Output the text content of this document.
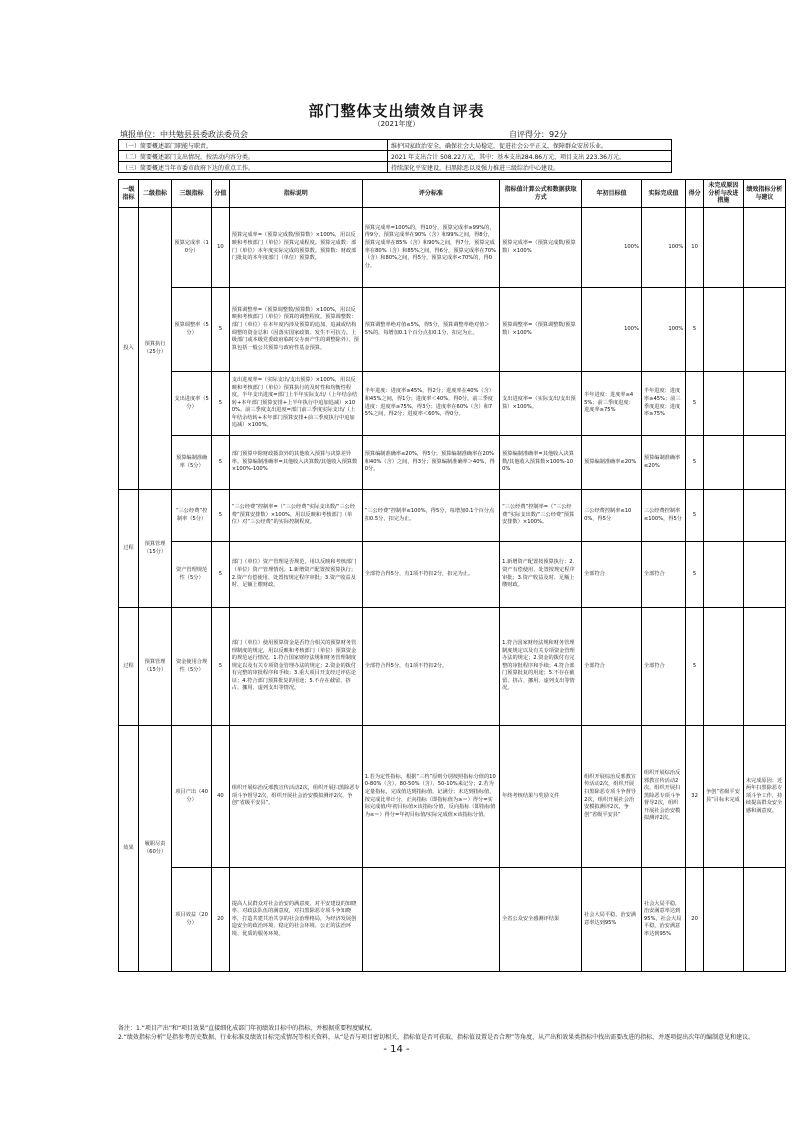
部门整体支出绩效自评表
（2021年度）
填报单位：中共勉县县委政法委员会	自评得分：92分
（一）简要概述部门职能与职责。	维护国家政治安全，确保社会大局稳定，促进社会公平正义，保障群众安居乐业。
（二）简要概述部门支出情况，按活动内容分类。	2021 年支出合计 508.22万元，其中：基本支出284.86万元，项目支出 223.36万元。
（三）简要概述当年市委市政府下达的重点工作。	持续深化平安建设，扫黑除恶以及强力推进三级综治中心建设。
一级指标	二级指标	三级指标	分值	指标说明	评分标准	指标值计算公式和数据获取方式	年初目标值	实际完成值	得分	未完成原因分析与改进措施	绩效指标分析与建议
投入	预算执行（25分）	预算完成率（10分）	10	预算完成率=（预算完成数/预算数）×100%，用以反映和考核部门（单位）预算完成程度。预算完成数：部门（单位）本年度实际完成的预算数。预算数：财政部门批复的本年度部门（单位）预算数。	预算完成率=100%的，得10分，预算完成率≥99%的，得9分，预算完成率在90%（含）和99%之间，得8分，预算完成率在85%（含）和90%之间，得7分，预算完成率在80%（含）和85%之间，得6分，预算完成率在70%（含）和80%之间，得5分，预算完成率<70%的，得0分。	预算完成率=（预算完成数/预算数）×100%	100%	100%	10		
		预算调整率（5分）	5	预算调整率=（预算调整数/预算数）×100%，用以反映和考核部门（单位）预算的调整程度。预算调整数：部门（单位）在本年度内涉及预算的追加、追减或结构调整的资金总和（因落实国家政策、发生不可抗力、上级部门或本级党委政府临时交办而产生的调整除外）。预算包括一般公共预算与政府性基金预算。	预算调整率绝对值≤5%，得5分，预算调整率绝对值＞5%的，每增加0.1个百分点扣0.1分，扣完为止。	预算调整率=（预算调整数/预算数）×100%	100%	100%	5		
		支出进度率（5分）	5	支出进度率=（实际支出/支出预算）×100%，用以反映和考核部门（单位）预算执行的及时性和均衡性程度。半年支出进度=部门上半年实际支出/（上年结余结转+本年部门预算安排+上半年执行中追加追减）×100%。前三季度支出进度=部门前三季度实际支出/（上年结余结转+本年部门预算安排+前三季度执行中追加追减）×100%。	半年进度：进度率≥45%，得2分；进度率在40%（含）和45%之间，得1分；进度率＜40%，得0分。前三季度进度：进度率≥75%，得3分；进度率在60%（含）和75%之间，得2分；进度率＜60%，得0分。	支出进度率=（实际支出/支出预算）×100%。	半年进度：进度率≥45%；前三季度进度：进度率≥75%	半年进度：进度率≥45%；前三季度进度：进度率≥75%	5		
		预算编制准确率（5分）	5	部门预算中除财政拨款外的其他收入预算与决算差异率。预算编制准确率=其他收入决算数/其他收入预算数×100%-100%	预算编制准确率≤20%，得5分；预算编制准确率在20%和40%（含）之间，得3分；预算编制准确率＞40%，得0分。	预算编制准确率=其他收入决算数/其他收入预算数×100%-100%	预算编制准确率≤20%	预算编制准确率≤20%	5		
过程	预算管理（15分）	“三公经费”控制率（5分）	5	“三公经费”控制率=（“三公经费”实际支出数/“三公经费”预算安排数）×100%，用以反映和考核部门（单位）对“三公经费”的实际控制程度。	“三公经费”控制率≤100%，得5分，每增加0.1个百分点扣0.5分，扣完为止。	“三公经费”控制率=（“三公经费”实际支出数/“三公经费”预算安排数）×100%。	三公经费控制率≤100%，得5分	三公经费控制率≤100%，得5分	5		
		资产管理规范性（5分）	5	部门（单位）资产管理是否规范，用以反映和考核部门（单位）资产管理情况。1.新增资产配置按预算执行；2.资产有偿使用、处置按规定程序审批；3.资产收益及时、足额上缴财政。	全部符合得5分，有1项不符扣2分，扣完为止。	1.新增资产配置按预算执行；2.资产有偿使用、处置按规定程序审批；3.资产收益及时、足额上缴财政。	全部符合	全部符合	5		
过程	预算管理（15分）	资金使用合规性（5分）	5	部门（单位）使用预算资金是否符合相关的预算财务管理制度的规定，用以反映和考核部门（单位）预算资金的规范运行情况。1.符合国家财经法规和财务管理制度规定以及有关专项资金管理办法的规定；2.资金的拨付有完整的审批程序和手续；3.重大项目开支经过评估论证；4.符合部门预算批复的用途；5.不存在截留、挤占、挪用、虚列支出等情况。	全部符合得5分，有1项不符扣2分。	1.符合国家财经法规和财务管理制度规定以及有关专项资金管理办法的规定；2.资金的拨付有完整的审批程序和手续；4.符合部门预算批复的用途；5.不存在截留、挤占、挪用、虚列支出等情况。	全部符合	全部符合	5		
效果	履职尽责（60分）	项目产出（40分）	40	组织开展综治反邪教宣传活动2次，组织开展扫黑除恶专项斗争督导2次，组织开展社会治安模拟测评2次，争创“省级平安县”。	1.若为定性指标，根据“三档”原则分别按照指标分值的100-80%（含）、80-50%（含）、50-10%来记分；2.若为定量指标，完成值达到指标值，记满分；未达到指标值，按完成比率计分，正向指标（即指标值为≥＝）得分=实际完成值/年初目标值×该指标分值，反向指标（即指标值为≤＝）得分=年初目标值/实际完成值×该指标分值。	年终考核结果与奖励文件	组织开展综治反邪教宣传活动2次，组织开展扫黑除恶专项斗争督导2次，组织开展社会治安模拟测评2次，争创“省级平安县”	组织开展综治反邪教宣传活动2次，组织开展扫黑除恶专项斗争督导2次，组织开展社会治安模拟测评2次。	32	争创“省级平安县”目标未完成	未完成原因：近两年扫黑除恶专项斗争工作，持续提高群众安全感和满意度。
		项目效益（20分）	20	提高人民群众对社会治安的满意度、对平安建设的知晓率、对政法队伍的满意度，对扫黑除恶专项斗争知晓率，打造共建共治共享的社会治理格局，为经济发展创造安全的政治环境、稳定的社会环境、公正的法治环境、优质的服务环境。		全省公众安全感测评结果	社会大局平稳，治安满意率达到95%	社会大局平稳，治安满意率达到95%，社会大局平稳，治安满意率达到95%	20		
备注：1.“项目产出”和“项目效果”直接细化成部门年初绩效目标中的指标，并根据重要程度赋权。
2.“绩效指标分析”是指参考历史数据、行业标准及绩效目标完成情况等相关资料，从“是否与项目密切相关，指标值是否可获取，指标值设置是否合理”等角度，从产出和效果类指标中找出需要改进的指标，并逐项提出次年的编制意见和建议。
- 14 -
